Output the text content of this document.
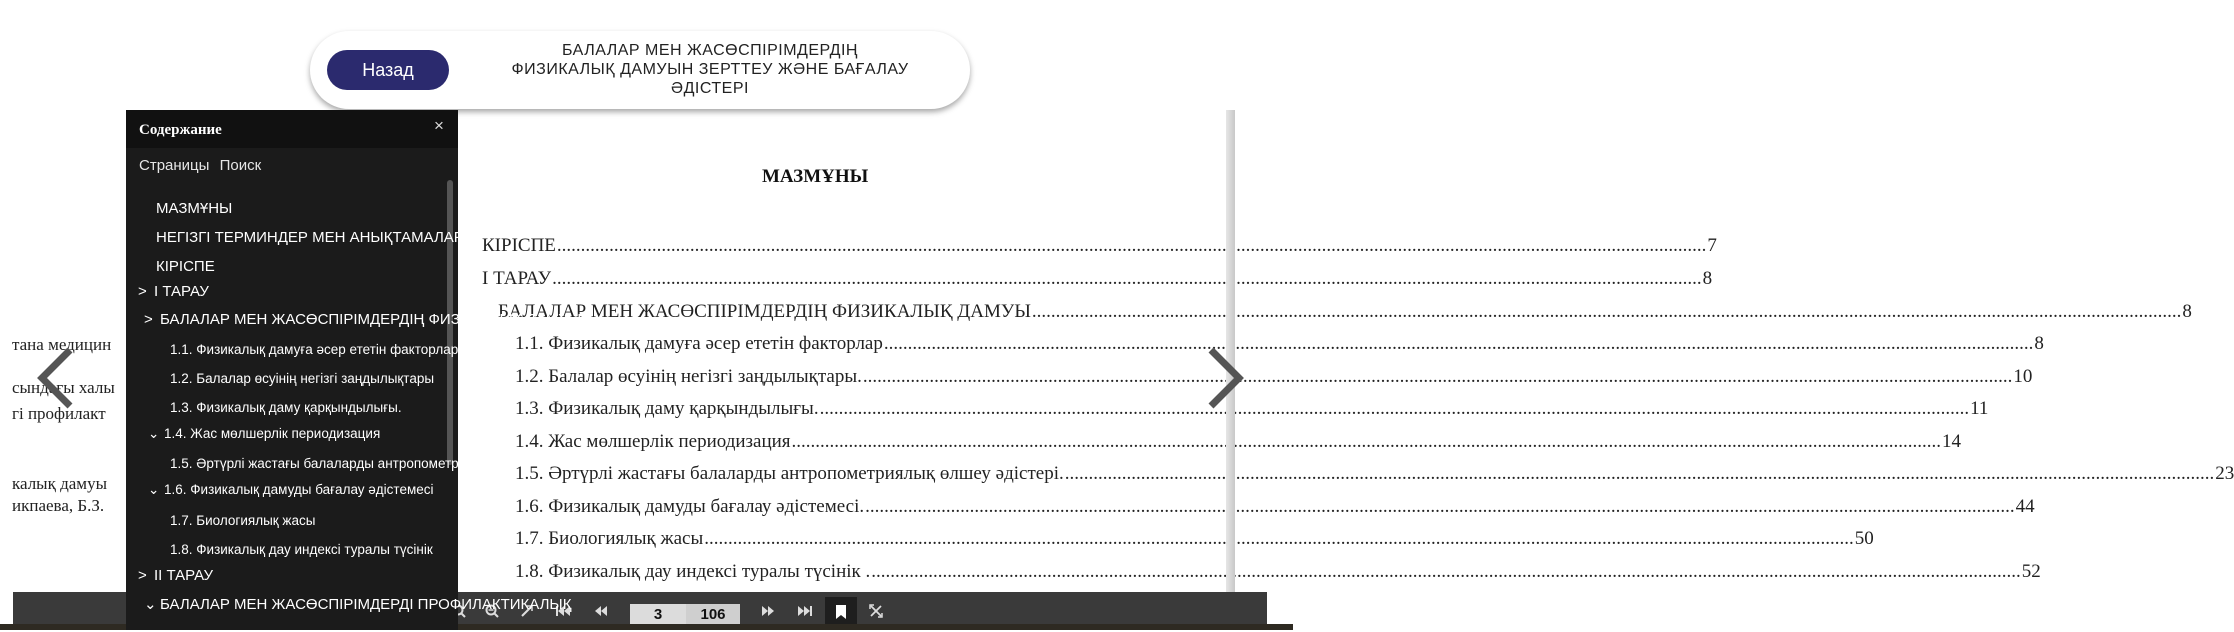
тана медицин
сындағы халы
гі профилакт
калық дамуы
икпаева, Б.З.
МАЗМҰНЫ
КІРІСПЕ .....	7
І ТАРАУ .....	8
БАЛАЛАР МЕН ЖАСӨСПІРІМДЕРДІҢ ФИЗИКАЛЫҚ ДАМУЫ .....	8
1.1. Физикалық дамуға әсер ететін факторлар .....	8
1.2. Балалар өсуінің негізгі заңдылықтары. .....	10
1.3. Физикалық даму қарқындылығы. .....	11
1.4. Жас мөлшерлік периодизация .....	14
1.5. Әртүрлі жастағы балаларды антропометриялық өлшеу әдістері. .....	23
1.6. Физикалық дамуды бағалау әдістемесі. .....	44
1.7. Биологиялық жасы .....	50
1.8. Физикалық дау индексі туралы түсінік . .....	52
Назад
БАЛАЛАР МЕН ЖАСӨСПІРІМДЕРДІҢ
ФИЗИКАЛЫҚ ДАМУЫН ЗЕРТТЕУ ЖӘНЕ БАҒАЛАУ
ӘДІСТЕРІ
3	106
Содержание	×
Страницы Поиск
МАЗМҰНЫ
НЕГІЗГІ ТЕРМИНДЕР МЕН АНЫҚТАМАЛАР
КІРІСПЕ
> І ТАРАУ
> БАЛАЛАР МЕН ЖАСӨСПІРІМДЕРДІҢ ФИЗИКАЛЫҚ ДАМУЫ
1.1. Физикалық дамуға әсер ететін факторлар
1.2. Балалар өсуінің негізгі заңдылықтары
1.3. Физикалық даму қарқындылығы.
⌄ 1.4. Жас мөлшерлік периодизация
1.5. Әртүрлі жастағы балаларды антропометриялық
⌄ 1.6. Физикалық дамуды бағалау әдістемесі
1.7. Биологиялық жасы
1.8. Физикалық дау индексі туралы түсінік
> ІІ ТАРАУ
⌄ БАЛАЛАР МЕН ЖАСӨСПІРІМДЕРДІ ПРОФИЛАКТИКАЛЫҚ
